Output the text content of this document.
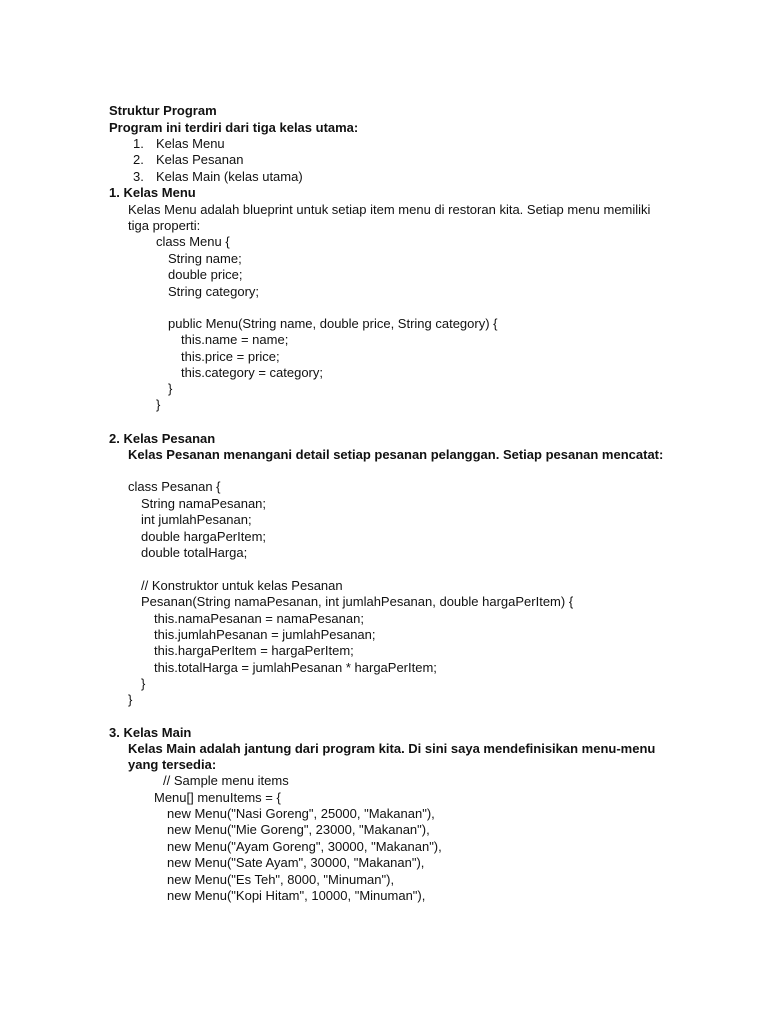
Struktur Program
Program ini terdiri dari tiga kelas utama:
1. Kelas Menu
2. Kelas Pesanan
3. Kelas Main (kelas utama)
1. Kelas Menu
Kelas Menu adalah blueprint untuk setiap item menu di restoran kita. Setiap menu memiliki
tiga properti:
class Menu {
String name;
double price;
String category;
public Menu(String name, double price, String category) {
this.name = name;
this.price = price;
this.category = category;
}
}
2. Kelas Pesanan
Kelas Pesanan menangani detail setiap pesanan pelanggan. Setiap pesanan mencatat:
class Pesanan {
String namaPesanan;
int jumlahPesanan;
double hargaPerItem;
double totalHarga;
// Konstruktor untuk kelas Pesanan
Pesanan(String namaPesanan, int jumlahPesanan, double hargaPerItem) {
this.namaPesanan = namaPesanan;
this.jumlahPesanan = jumlahPesanan;
this.hargaPerItem = hargaPerItem;
this.totalHarga = jumlahPesanan * hargaPerItem;
}
}
3. Kelas Main
Kelas Main adalah jantung dari program kita. Di sini saya mendefinisikan menu-menu
yang tersedia:
// Sample menu items
Menu[] menuItems = {
new Menu("Nasi Goreng", 25000, "Makanan"),
new Menu("Mie Goreng", 23000, "Makanan"),
new Menu("Ayam Goreng", 30000, "Makanan"),
new Menu("Sate Ayam", 30000, "Makanan"),
new Menu("Es Teh", 8000, "Minuman"),
new Menu("Kopi Hitam", 10000, "Minuman"),
